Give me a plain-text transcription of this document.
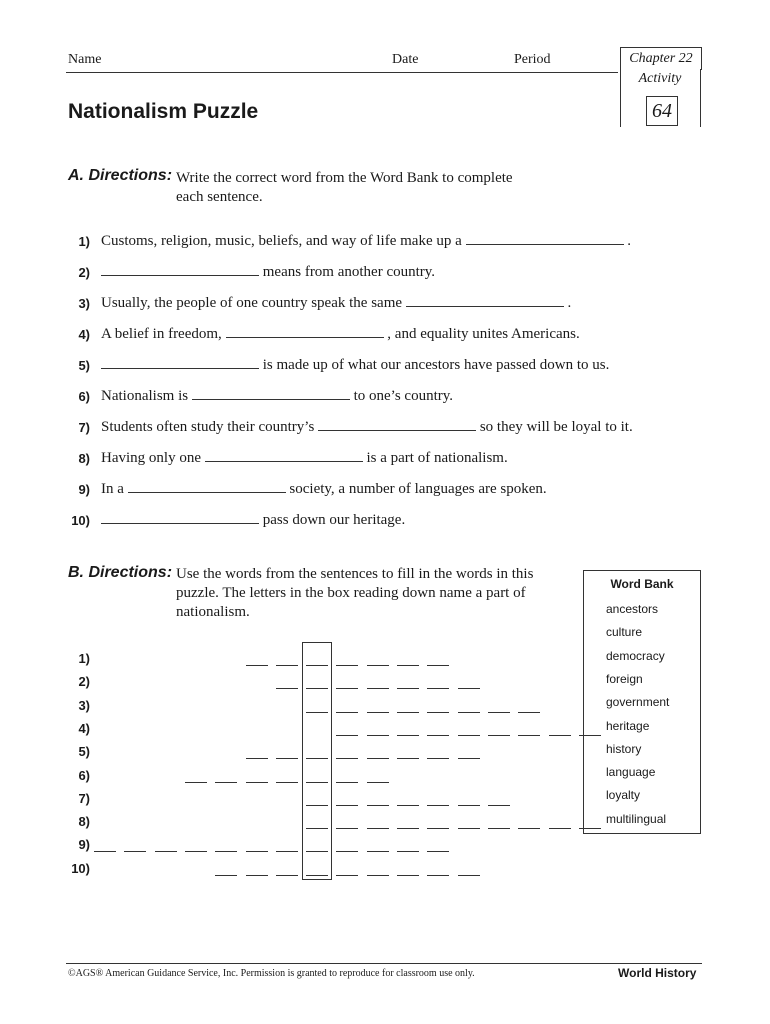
Name	Date	Period	Chapter 22
Activity
64
Nationalism Puzzle
A. Directions: Write the correct word from the Word Bank to complete
each sentence.
1) Customs, religion, music, beliefs, and way of life make up a	.
2)	means from another country.
3) Usually, the people of one country speak the same	.
4) A belief in freedom,	, and equality unites Americans.
5)	is made up of what our ancestors have passed down to us.
6) Nationalism is	to one’s country.
7) Students often study their country’s	so they will be loyal to it.
8) Having only one	is a part of nationalism.
9) In a	society, a number of languages are spoken.
10)	pass down our heritage.
B. Directions: Use the words from the sentences to fill in the words in this
puzzle. The letters in the box reading down name a part of
nationalism.
1)
2)
3)
4)
5)
6)
7)
8)
9)
10)
Word Bank
ancestors
culture
democracy
foreign
government
heritage
history
language
loyalty
multilingual
©AGS® American Guidance Service, Inc. Permission is granted to reproduce for classroom use only.	World History
